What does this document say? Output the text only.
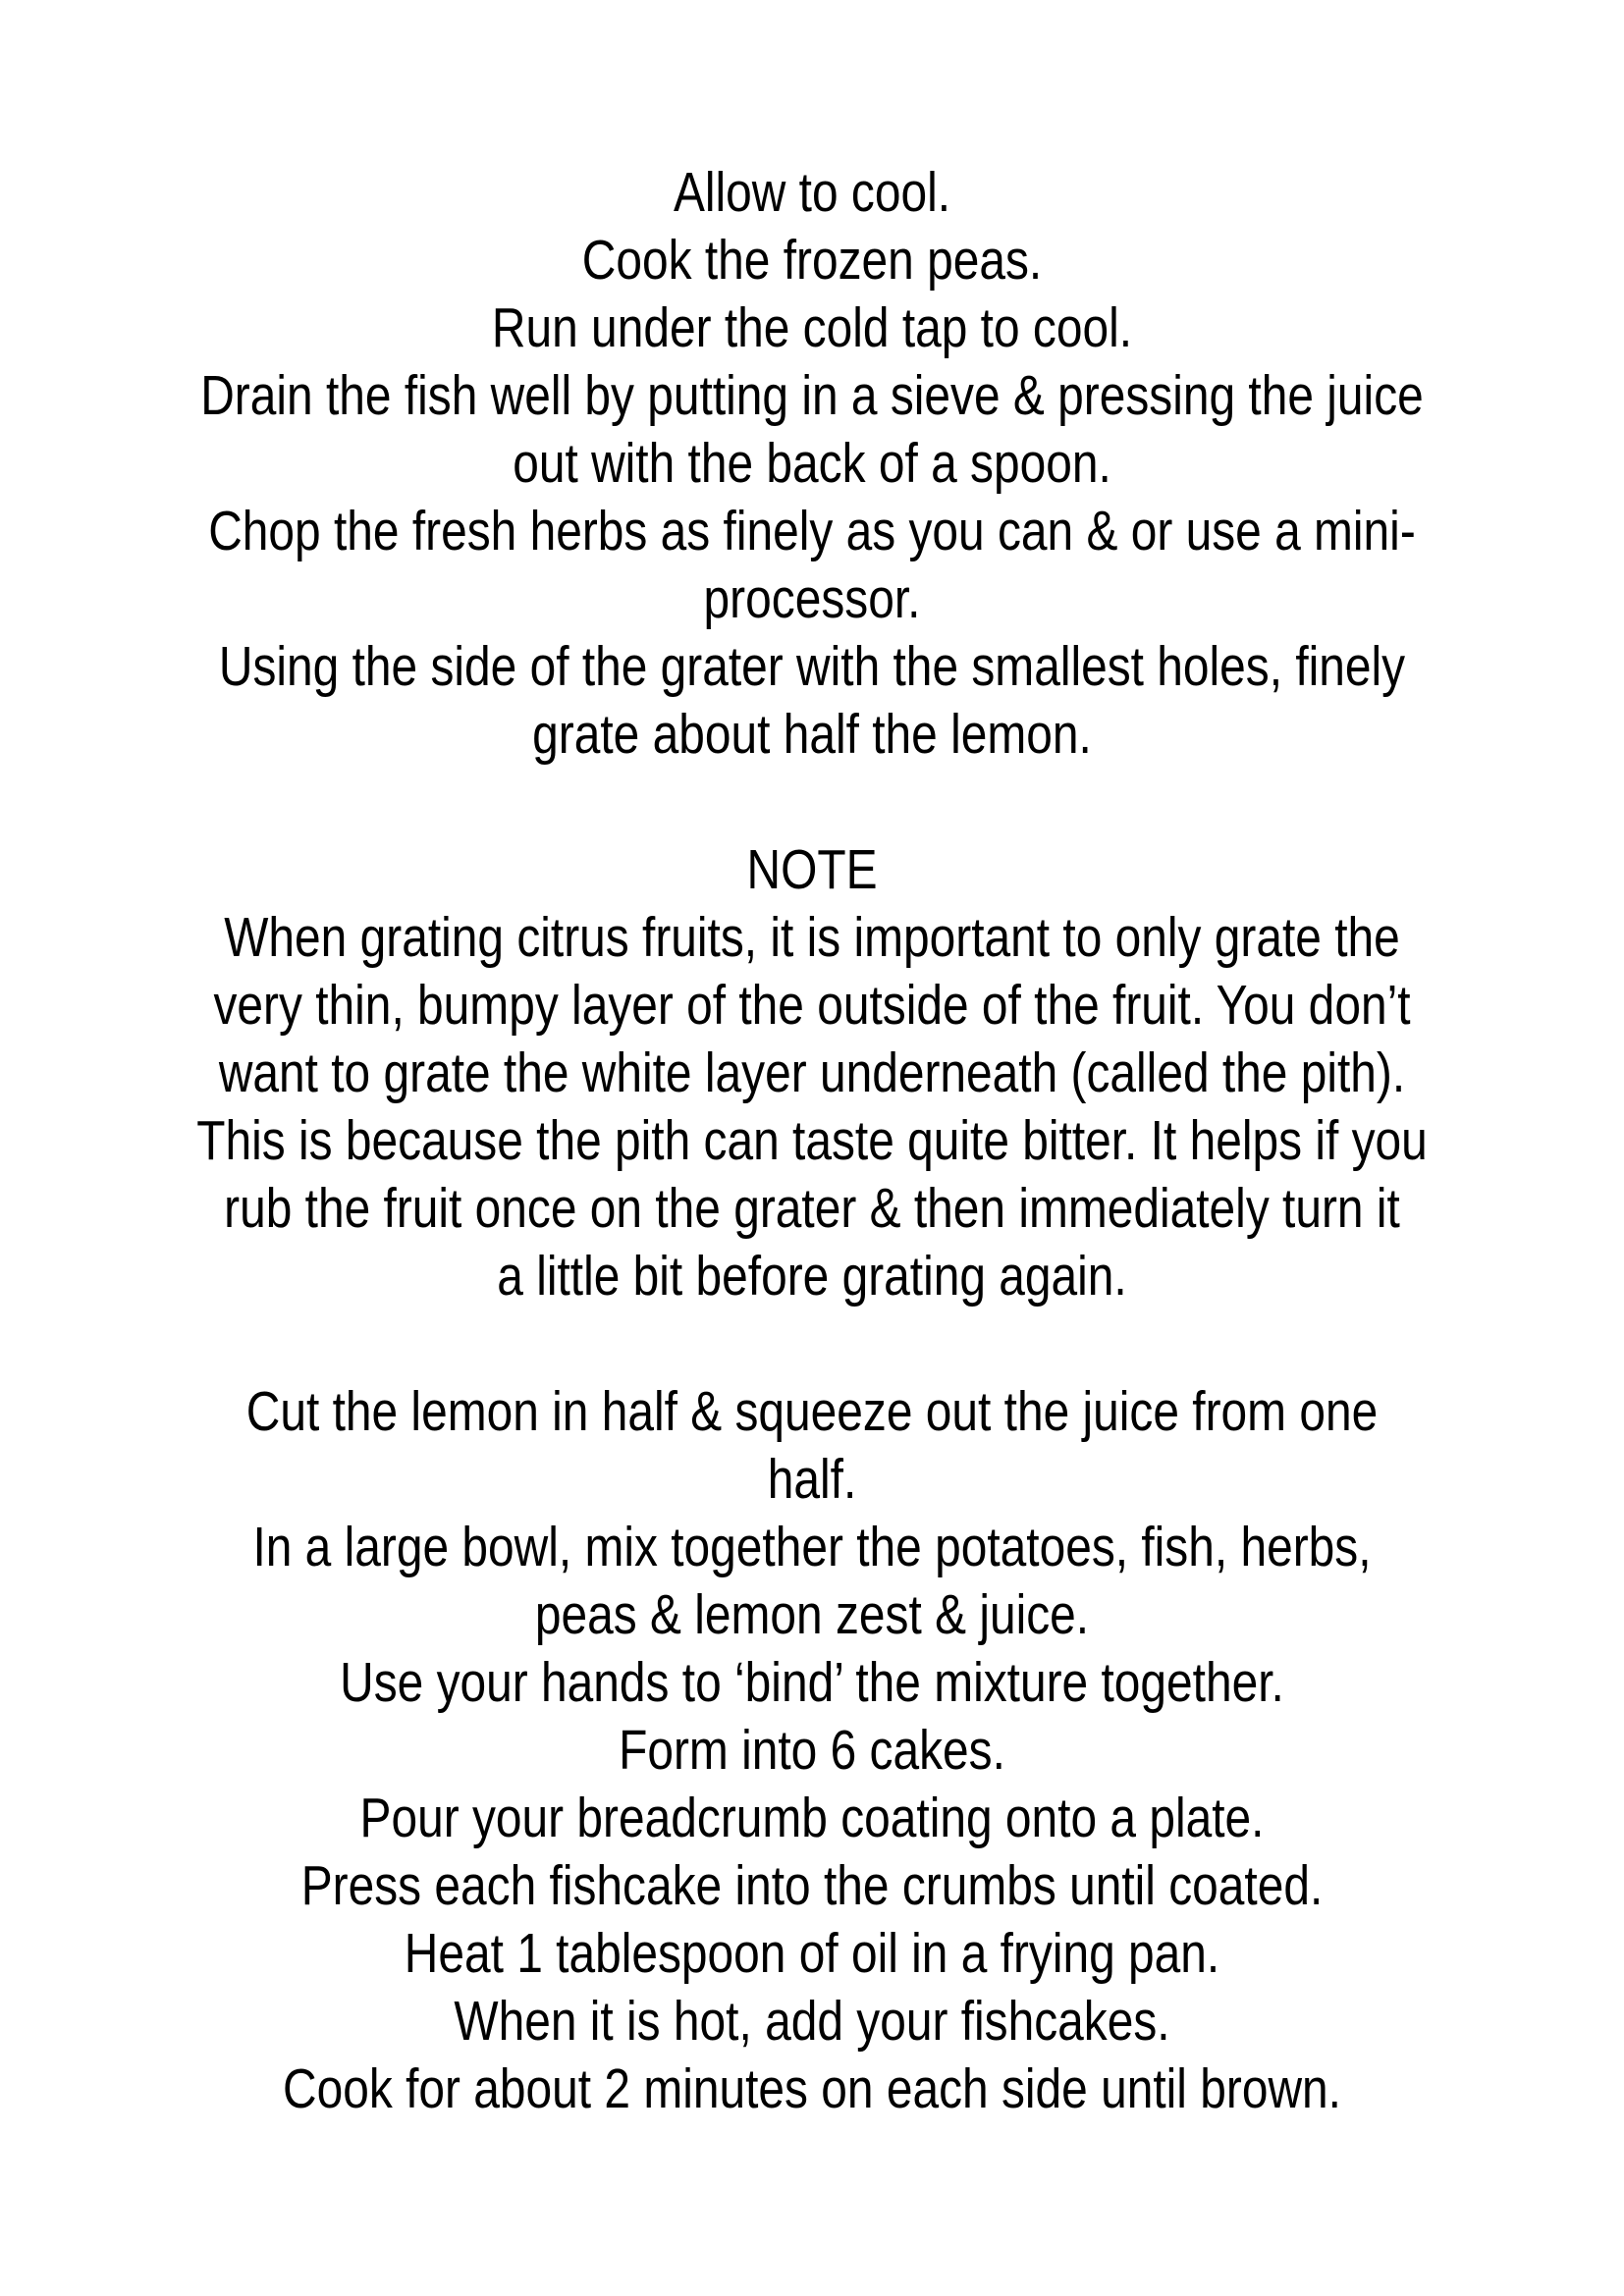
Allow to cool.
Cook the frozen peas.
Run under the cold tap to cool.
Drain the fish well by putting in a sieve & pressing the juice
out with the back of a spoon.
Chop the fresh herbs as finely as you can & or use a mini-
processor.
Using the side of the grater with the smallest holes, finely
grate about half the lemon.
NOTE
When grating citrus fruits, it is important to only grate the
very thin, bumpy layer of the outside of the fruit. You don’t
want to grate the white layer underneath (called the pith).
This is because the pith can taste quite bitter. It helps if you
rub the fruit once on the grater & then immediately turn it
a little bit before grating again.
Cut the lemon in half & squeeze out the juice from one
half.
In a large bowl, mix together the potatoes, fish, herbs,
peas & lemon zest & juice.
Use your hands to ‘bind’ the mixture together.
Form into 6 cakes.
Pour your breadcrumb coating onto a plate.
Press each fishcake into the crumbs until coated.
Heat 1 tablespoon of oil in a frying pan.
When it is hot, add your fishcakes.
Cook for about 2 minutes on each side until brown.
